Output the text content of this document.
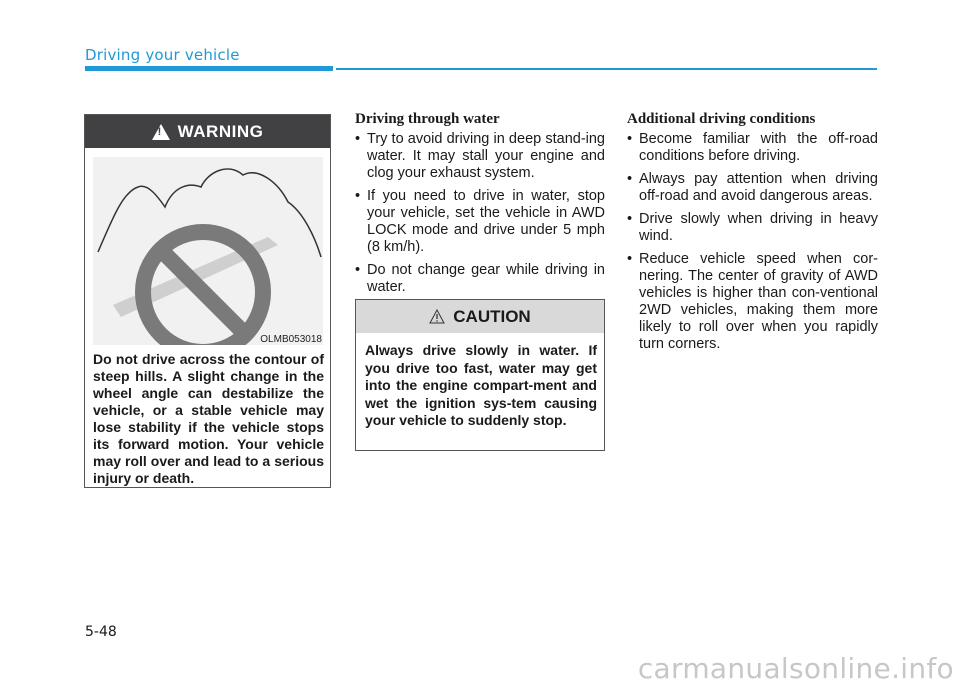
Driving your vehicle
!
WARNING
OLMB053018
Do not drive across the contour of steep hills. A slight change in the wheel angle can destabilize the vehicle, or a stable vehicle may lose stability if the vehicle stops its forward motion. Your vehicle may roll over and lead to a serious injury or death.
Driving through water
• Try to avoid driving in deep stand-ing water. It may stall your engine and clog your exhaust system.
• If you need to drive in water, stop your vehicle, set the vehicle in AWD LOCK mode and drive under 5 mph (8 km/h).
• Do not change gear while driving in water.
CAUTION
Always drive slowly in water. If you drive too fast, water may get into the engine compart-ment and wet the ignition sys-tem causing your vehicle to suddenly stop.
Additional driving conditions
• Become familiar with the off-road conditions before driving.
• Always pay attention when driving off-road and avoid dangerous areas.
• Drive slowly when driving in heavy wind.
• Reduce vehicle speed when cor-nering. The center of gravity of AWD vehicles is higher than con-ventional 2WD vehicles, making them more likely to roll over when you rapidly turn corners.
5-48
carmanualsonline.info
